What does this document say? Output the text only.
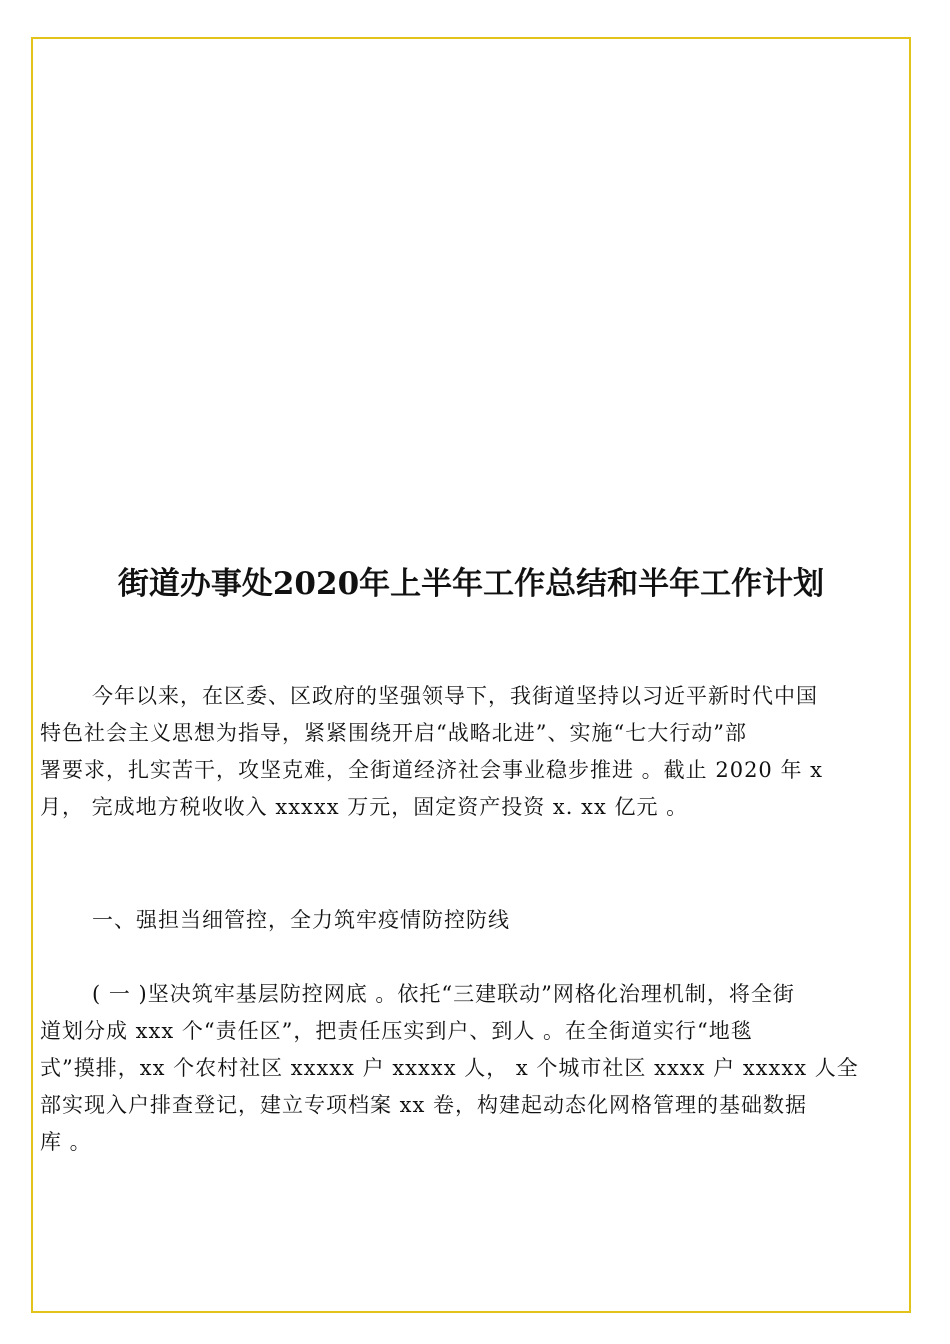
街道办事处2020年上半年工作总结和半年工作计划
今年以来，在区委、区政府的坚强领导下，我街道坚持以习近平新时代中国
特色社会主义思想为指导，紧紧围绕开启“战略北进”、实施“七大行动”部
署要求，扎实苦干，攻坚克难，全街道经济社会事业稳步推进 。截止 2020 年 x
月， 完成地方税收收入 xxxxx 万元，固定资产投资 x. xx 亿元 。
一、强担当细管控，全力筑牢疫情防控防线
( 一 )坚决筑牢基层防控网底 。依托“三建联动”网格化治理机制，将全街
道划分成 xxx 个“责任区”，把责任压实到户、到人 。在全街道实行“地毯
式”摸排，xx 个农村社区 xxxxx 户 xxxxx 人， x 个城市社区 xxxx 户 xxxxx 人全
部实现入户排查登记，建立专项档案 xx 卷，构建起动态化网格管理的基础数据
库 。
